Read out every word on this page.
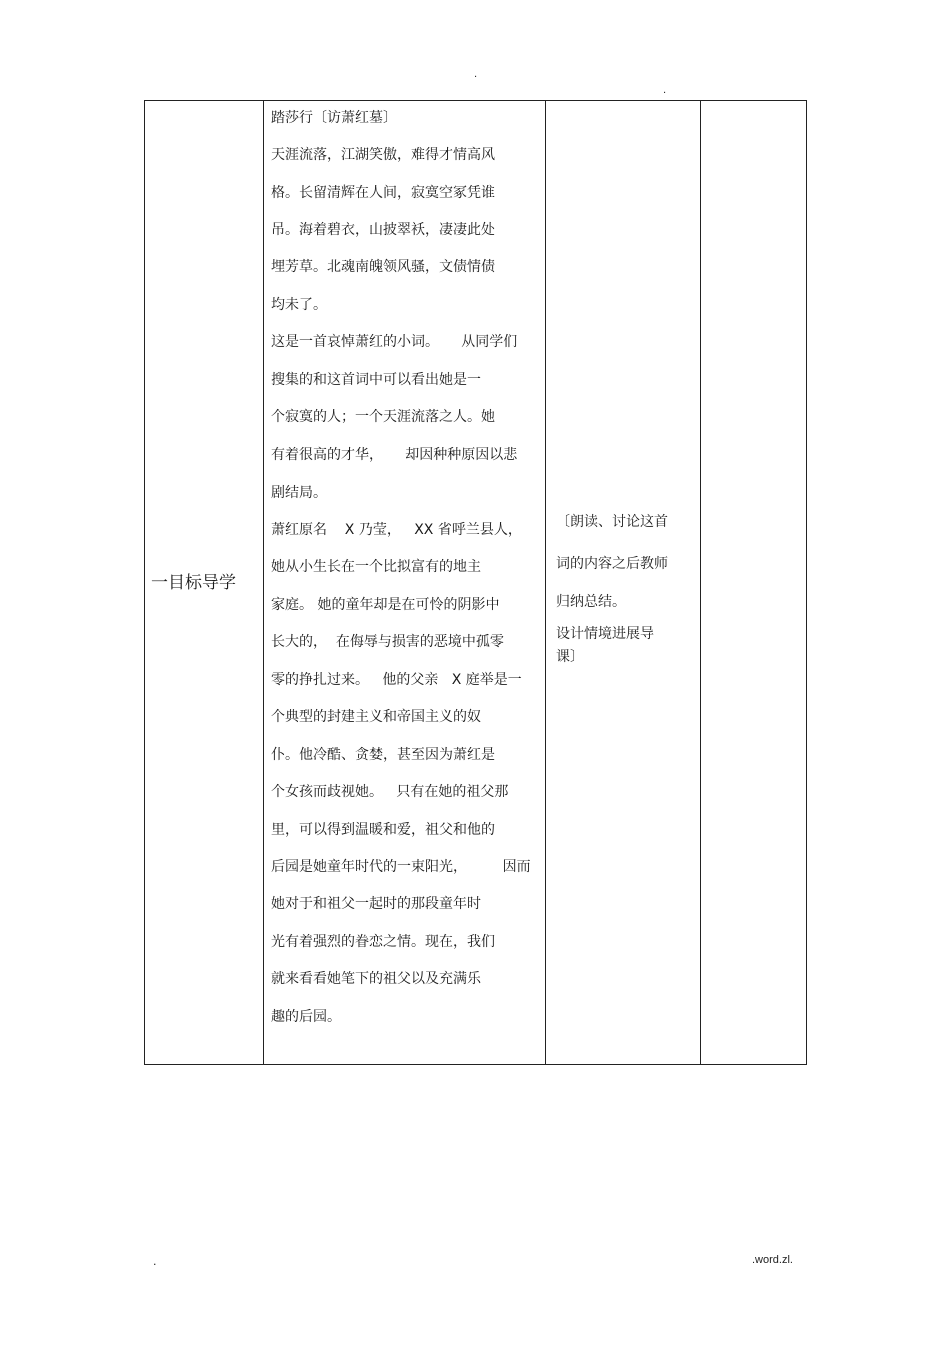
.
.
一目标导学
踏莎行〔访萧红墓〕
天涯流落，江湖笑傲，难得才情高风
格。长留清辉在人间，寂寞空冢凭谁
吊。海着碧衣，山披翠袄，凄凄此处
埋芳草。北魂南魄领风骚，文债情债
均未了。
这是一首哀悼萧红的小词。     从同学们
搜集的和这首词中可以看出她是一
个寂寞的人；一个天涯流落之人。她
有着很高的才华，     却因种种原因以悲
剧结局。
萧红原名    X 乃莹，   XX 省呼兰县人，
她从小生长在一个比拟富有的地主
家庭。 她的童年却是在可怜的阴影中
长大的，  在侮辱与损害的恶境中孤零
零的挣扎过来。   他的父亲   X 庭举是一
个典型的封建主义和帝国主义的奴
仆。他冷酷、贪婪，甚至因为萧红是
个女孩而歧视她。   只有在她的祖父那
里，可以得到温暖和爱，祖父和他的
后园是她童年时代的一束阳光，        因而
她对于和祖父一起时的那段童年时
光有着强烈的眷恋之情。现在，我们
就来看看她笔下的祖父以及充满乐
趣的后园。
〔朗读、讨论这首
词的内容之后教师
归纳总结。
设计情境进展导
课〕
.	.word.zl.
